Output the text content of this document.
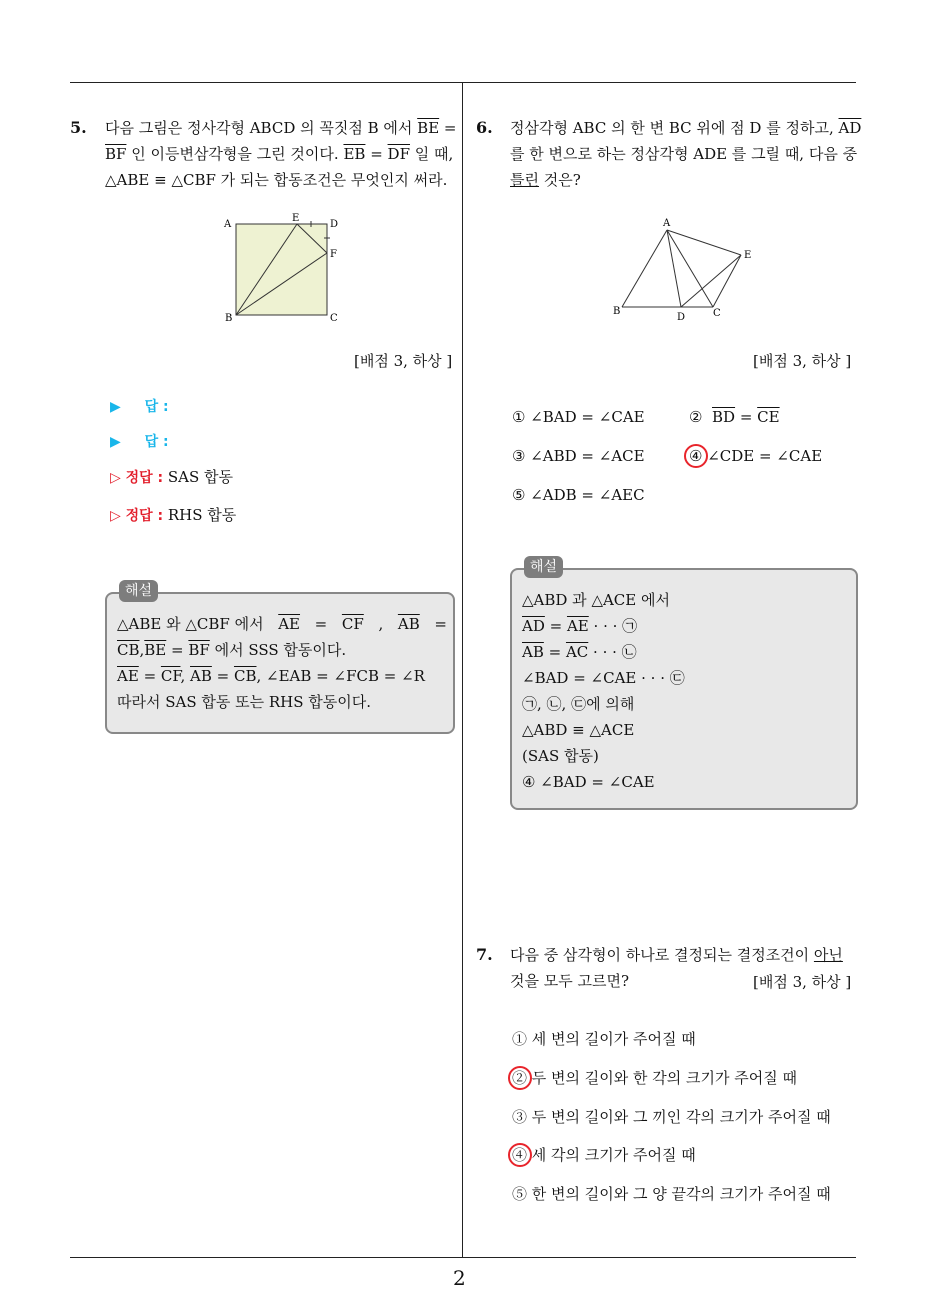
5. 다음 그림은 정사각형 ABCD 의 꼭짓점 B 에서 $\overline{BE}$ =
$\overline{BF}$ 인 이등변삼각형을 그린 것이다. $\overline{EB} = \overline{DF}$ 일 때,
△ABE ≡ △CBF 가 되는 합동조건은 무엇인지 써라.
A
E
D
F
B	C
[배점 3, 하상 ]
▶ 답 :
▶ 답 :
▷ 정답 : SAS 합동
▷ 정답 : RHS 합동
해설
△ABE 와 △CBF 에서 $\overline{AE} = \overline{CF}$ , $\overline{AB}$ =
$\overline{CB},\overline{BE} = \overline{BF}$ 에서 SSS 합동이다.
$\overline{AE} = \overline{CF}$, $\overline{AB} = \overline{CB}$, ∠EAB = ∠FCB = ∠R
따라서 SAS 합동 또는 RHS 합동이다.
6. 정삼각형 ABC 의 한 변 BC 위에 점 D 를 정하고, $\overline{AD}$
를 한 변으로 하는 정삼각형 ADE 를 그릴 때, 다음 중
틀린 것은?
A
E
B
D	C
[배점 3, 하상 ]
① ∠BAD = ∠CAE	② $\overline{BD} = \overline{CE}$
③ ∠ABD = ∠ACE	④ ∠CDE = ∠CAE
⑤ ∠ADB = ∠AEC
해설
△ABD 과 △ACE 에서
$\overline{AD} = \overline{AE}$ · · · ㉠
$\overline{AB} = \overline{AC}$ · · · ㉡
∠BAD = ∠CAE · · · ㉢
㉠, ㉡, ㉢에 의해
△ABD ≡ △ACE
(SAS 합동)
④ ∠BAD = ∠CAE
7. 다음 중 삼각형이 하나로 결정되는 결정조건이 아닌
것을 모두 고르면?	[배점 3, 하상 ]
① 세 변의 길이가 주어질 때
② 두 변의 길이와 한 각의 크기가 주어질 때
③ 두 변의 길이와 그 끼인 각의 크기가 주어질 때
④ 세 각의 크기가 주어질 때
⑤ 한 변의 길이와 그 양 끝각의 크기가 주어질 때
2
